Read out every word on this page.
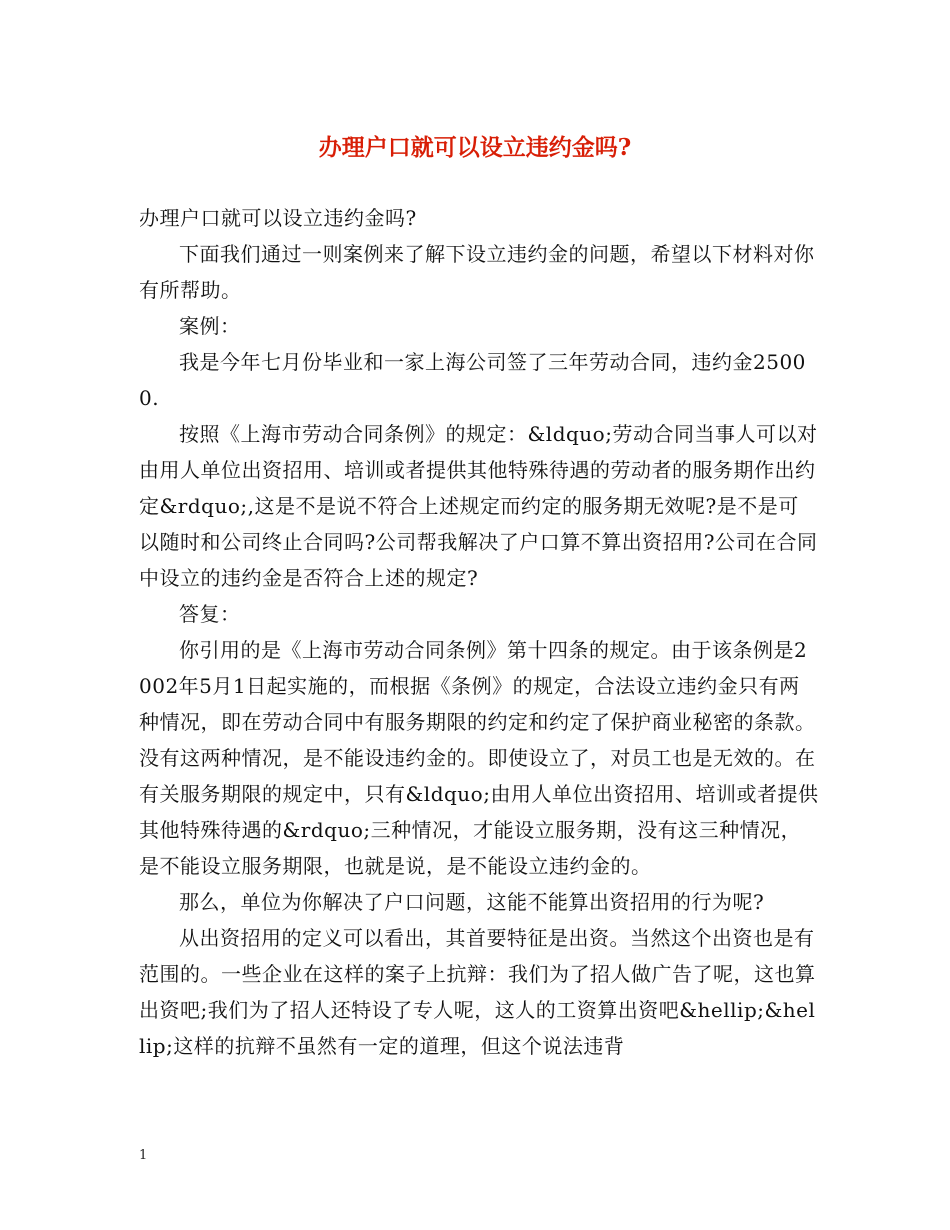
办理户口就可以设立违约金吗?

办理户口就可以设立违约金吗?

下面我们通过一则案例来了解下设立违约金的问题，希望以下材料对你有所帮助。

案例：

我是今年七月份毕业和一家上海公司签了三年劳动合同，违约金25000.

按照《上海市劳动合同条例》的规定：&ldquo;劳动合同当事人可以对由用人单位出资招用、培训或者提供其他特殊待遇的劳动者的服务期作出约定&rdquo;,这是不是说不符合上述规定而约定的服务期无效呢?是不是可以随时和公司终止合同吗?公司帮我解决了户口算不算出资招用?公司在合同中设立的违约金是否符合上述的规定?

答复：

你引用的是《上海市劳动合同条例》第十四条的规定。由于该条例是2002年5月1日起实施的，而根据《条例》的规定，合法设立违约金只有两种情况，即在劳动合同中有服务期限的约定和约定了保护商业秘密的条款。没有这两种情况，是不能设违约金的。即使设立了，对员工也是无效的。在有关服务期限的规定中，只有&ldquo;由用人单位出资招用、培训或者提供其他特殊待遇的&rdquo;三种情况，才能设立服务期，没有这三种情况，是不能设立服务期限，也就是说，是不能设立违约金的。

那么，单位为你解决了户口问题，这能不能算出资招用的行为呢?

从出资招用的定义可以看出，其首要特征是出资。当然这个出资也是有范围的。一些企业在这样的案子上抗辩：我们为了招人做广告了呢，这也算出资吧;我们为了招人还特设了专人呢，这人的工资算出资吧&hellip;&hellip;这样的抗辩不虽然有一定的道理，但这个说法违背

1
